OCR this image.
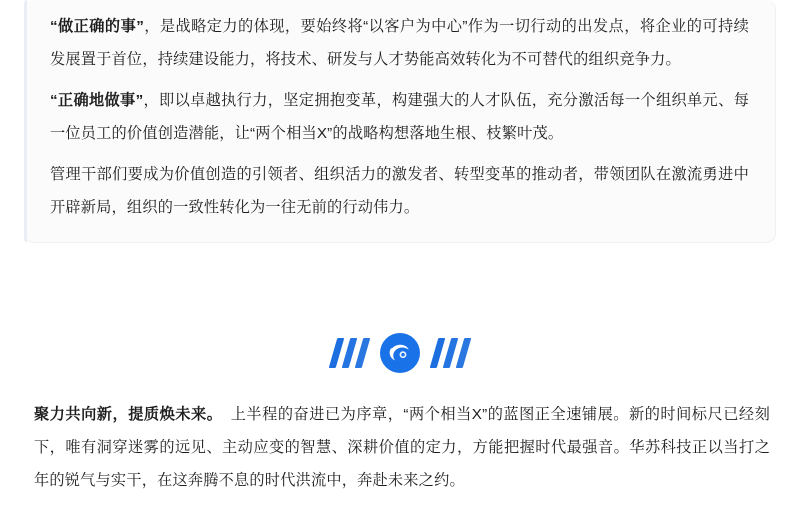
“做正确的事”，是战略定力的体现，要始终将“以客户为中心”作为一切行动的出发点，将企业的可持续发展置于首位，持续建设能力，将技术、研发与人才势能高效转化为不可替代的组织竞争力。

“正确地做事”，即以卓越执行力，坚定拥抱变革，构建强大的人才队伍，充分激活每一个组织单元、每一位员工的价值创造潜能，让“两个相当X”的战略构想落地生根、枝繁叶茂。

管理干部们要成为价值创造的引领者、组织活力的激发者、转型变革的推动者，带领团队在激流勇进中开辟新局，组织的一致性转化为一往无前的行动伟力。

聚力共向新，提质焕未来。 上半程的奋进已为序章，“两个相当X”的蓝图正全速铺展。新的时间标尺已经刻下，唯有洞穿迷雾的远见、主动应变的智慧、深耕价值的定力，方能把握时代最强音。华苏科技正以当打之年的锐气与实干，在这奔腾不息的时代洪流中，奔赴未来之约。
